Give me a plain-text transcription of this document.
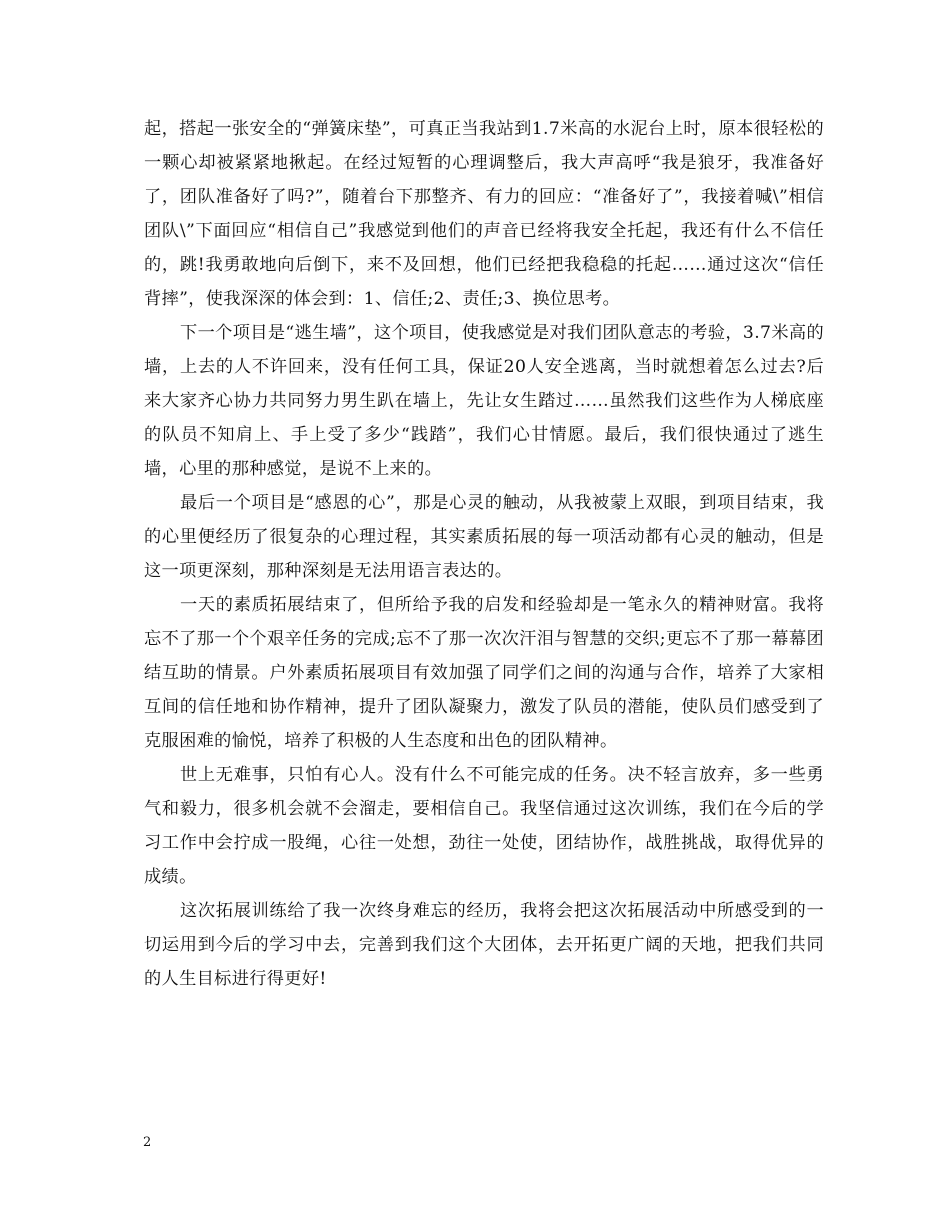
起，搭起一张安全的“弹簧床垫”，可真正当我站到1.7米高的水泥台上时，原本很轻松的一颗心却被紧紧地揪起。在经过短暂的心理调整后，我大声高呼“我是狼牙，我准备好了，团队准备好了吗?”，随着台下那整齐、有力的回应：“准备好了”，我接着喊\”相信团队\”下面回应“相信自己”我感觉到他们的声音已经将我安全托起，我还有什么不信任的，跳!我勇敢地向后倒下，来不及回想，他们已经把我稳稳的托起……通过这次“信任背摔”，使我深深的体会到：1、信任;2、责任;3、换位思考。

下一个项目是“逃生墙”，这个项目，使我感觉是对我们团队意志的考验，3.7米高的墙，上去的人不许回来，没有任何工具，保证20人安全逃离，当时就想着怎么过去?后来大家齐心协力共同努力男生趴在墙上，先让女生踏过……虽然我们这些作为人梯底座的队员不知肩上、手上受了多少“践踏”，我们心甘情愿。最后，我们很快通过了逃生墙，心里的那种感觉，是说不上来的。

最后一个项目是“感恩的心”，那是心灵的触动，从我被蒙上双眼，到项目结束，我的心里便经历了很复杂的心理过程，其实素质拓展的每一项活动都有心灵的触动，但是这一项更深刻，那种深刻是无法用语言表达的。

一天的素质拓展结束了，但所给予我的启发和经验却是一笔永久的精神财富。我将忘不了那一个个艰辛任务的完成;忘不了那一次次汗泪与智慧的交织;更忘不了那一幕幕团结互助的情景。户外素质拓展项目有效加强了同学们之间的沟通与合作，培养了大家相互间的信任地和协作精神，提升了团队凝聚力，激发了队员的潜能，使队员们感受到了克服困难的愉悦，培养了积极的人生态度和出色的团队精神。

世上无难事，只怕有心人。没有什么不可能完成的任务。决不轻言放弃，多一些勇气和毅力，很多机会就不会溜走，要相信自己。我坚信通过这次训练，我们在今后的学习工作中会拧成一股绳，心往一处想，劲往一处使，团结协作，战胜挑战，取得优异的成绩。

这次拓展训练给了我一次终身难忘的经历，我将会把这次拓展活动中所感受到的一切运用到今后的学习中去，完善到我们这个大团体，去开拓更广阔的天地，把我们共同的人生目标进行得更好!

2
